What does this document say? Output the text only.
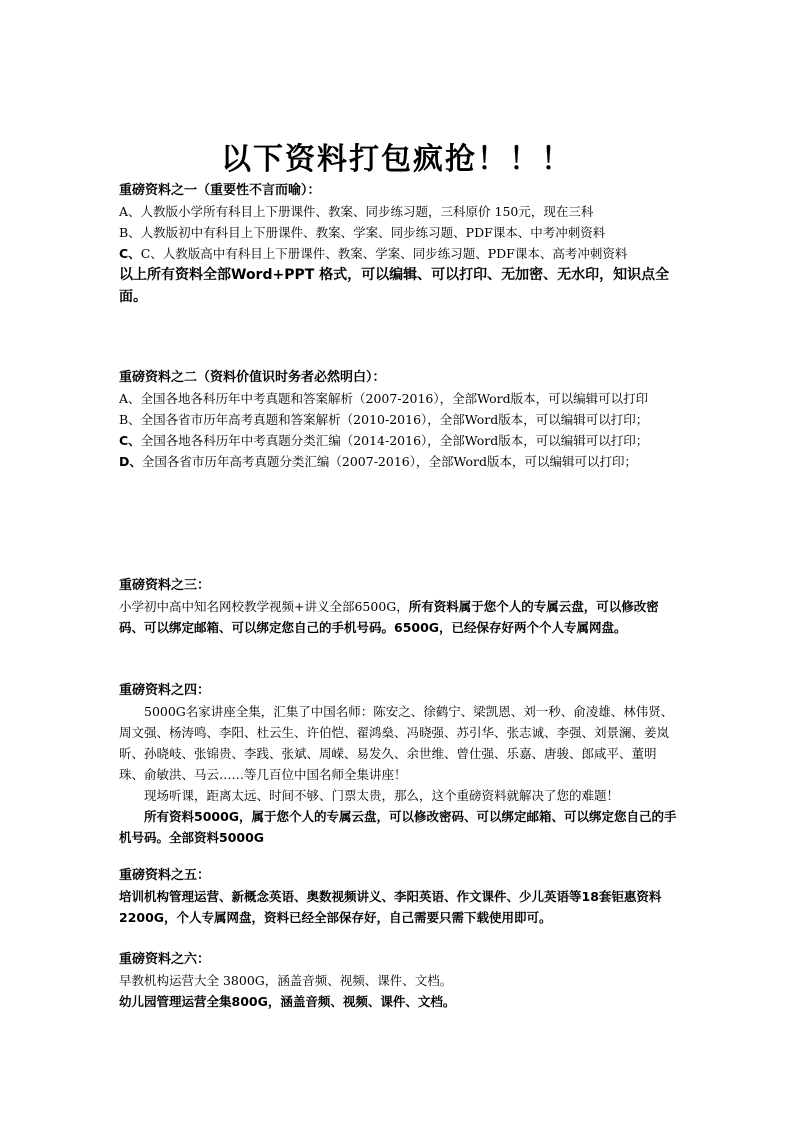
以下资料打包疯抢！！！
重磅资料之一（重要性不言而喻）：
A、人教版小学所有科目上下册课件、教案、同步练习题，三科原价 150元，现在三科
B、人教版初中有科目上下册课件、教案、学案、同步练习题、PDF课本、中考冲刺资料
C、C、人教版高中有科目上下册课件、教案、学案、同步练习题、PDF课本、高考冲刺资料
以上所有资料全部Word+PPT 格式，可以编辑、可以打印、无加密、无水印，知识点全面。
重磅资料之二（资料价值识时务者必然明白）：
A、全国各地各科历年中考真题和答案解析（2007-2016），全部Word版本，可以编辑可以打印
B、全国各省市历年高考真题和答案解析（2010-2016），全部Word版本，可以编辑可以打印；
C、全国各地各科历年中考真题分类汇编（2014-2016），全部Word版本，可以编辑可以打印；
D、全国各省市历年高考真题分类汇编（2007-2016），全部Word版本，可以编辑可以打印；
重磅资料之三：
小学初中高中知名网校教学视频+讲义全部6500G，所有资料属于您个人的专属云盘，可以修改密码、可以绑定邮箱、可以绑定您自己的手机号码。6500G，已经保存好两个个人专属网盘。
重磅资料之四：
5000G名家讲座全集，汇集了中国名师：陈安之、徐鹤宁、梁凯恩、刘一秒、俞凌雄、林伟贤、周文强、杨涛鸣、李阳、杜云生、许伯恺、翟鸿燊、冯晓强、苏引华、张志诚、李强、刘景澜、姜岚昕、孙晓岐、张锦贵、李践、张斌、周嵘、易发久、余世维、曾仕强、乐嘉、唐骏、郎咸平、董明珠、俞敏洪、马云……等几百位中国名师全集讲座！
现场听课，距离太远、时间不够、门票太贵，那么，这个重磅资料就解决了您的难题！
所有资料5000G，属于您个人的专属云盘，可以修改密码、可以绑定邮箱、可以绑定您自己的手机号码。全部资料5000G
重磅资料之五：
培训机构管理运营、新概念英语、奥数视频讲义、李阳英语、作文课件、少儿英语等18套钜惠资料2200G，个人专属网盘，资料已经全部保存好，自己需要只需下载使用即可。
重磅资料之六：
早教机构运营大全 3800G，涵盖音频、视频、课件、文档。
幼儿园管理运营全集800G，涵盖音频、视频、课件、文档。
